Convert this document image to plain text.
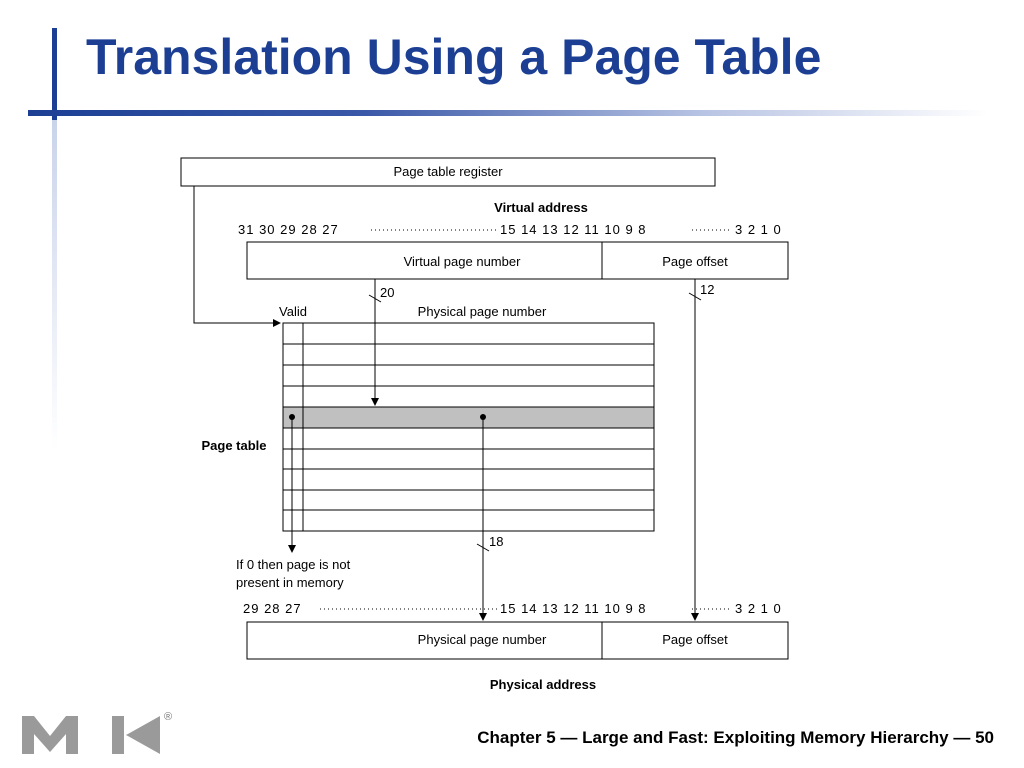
Translation Using a Page Table
Page table register
Virtual address
31 30 29 28 27	15 14 13 12 11 10 9 8	3 2 1 0
Virtual page number	Page offset
20	12
Valid	Physical page number
Page table
18
If 0 then page is not
present in memory
29 28 27	15 14 13 12 11 10 9 8	3 2 1 0
Physical page number	Page offset
Physical address
®
Chapter 5 — Large and Fast: Exploiting Memory Hierarchy — 50
